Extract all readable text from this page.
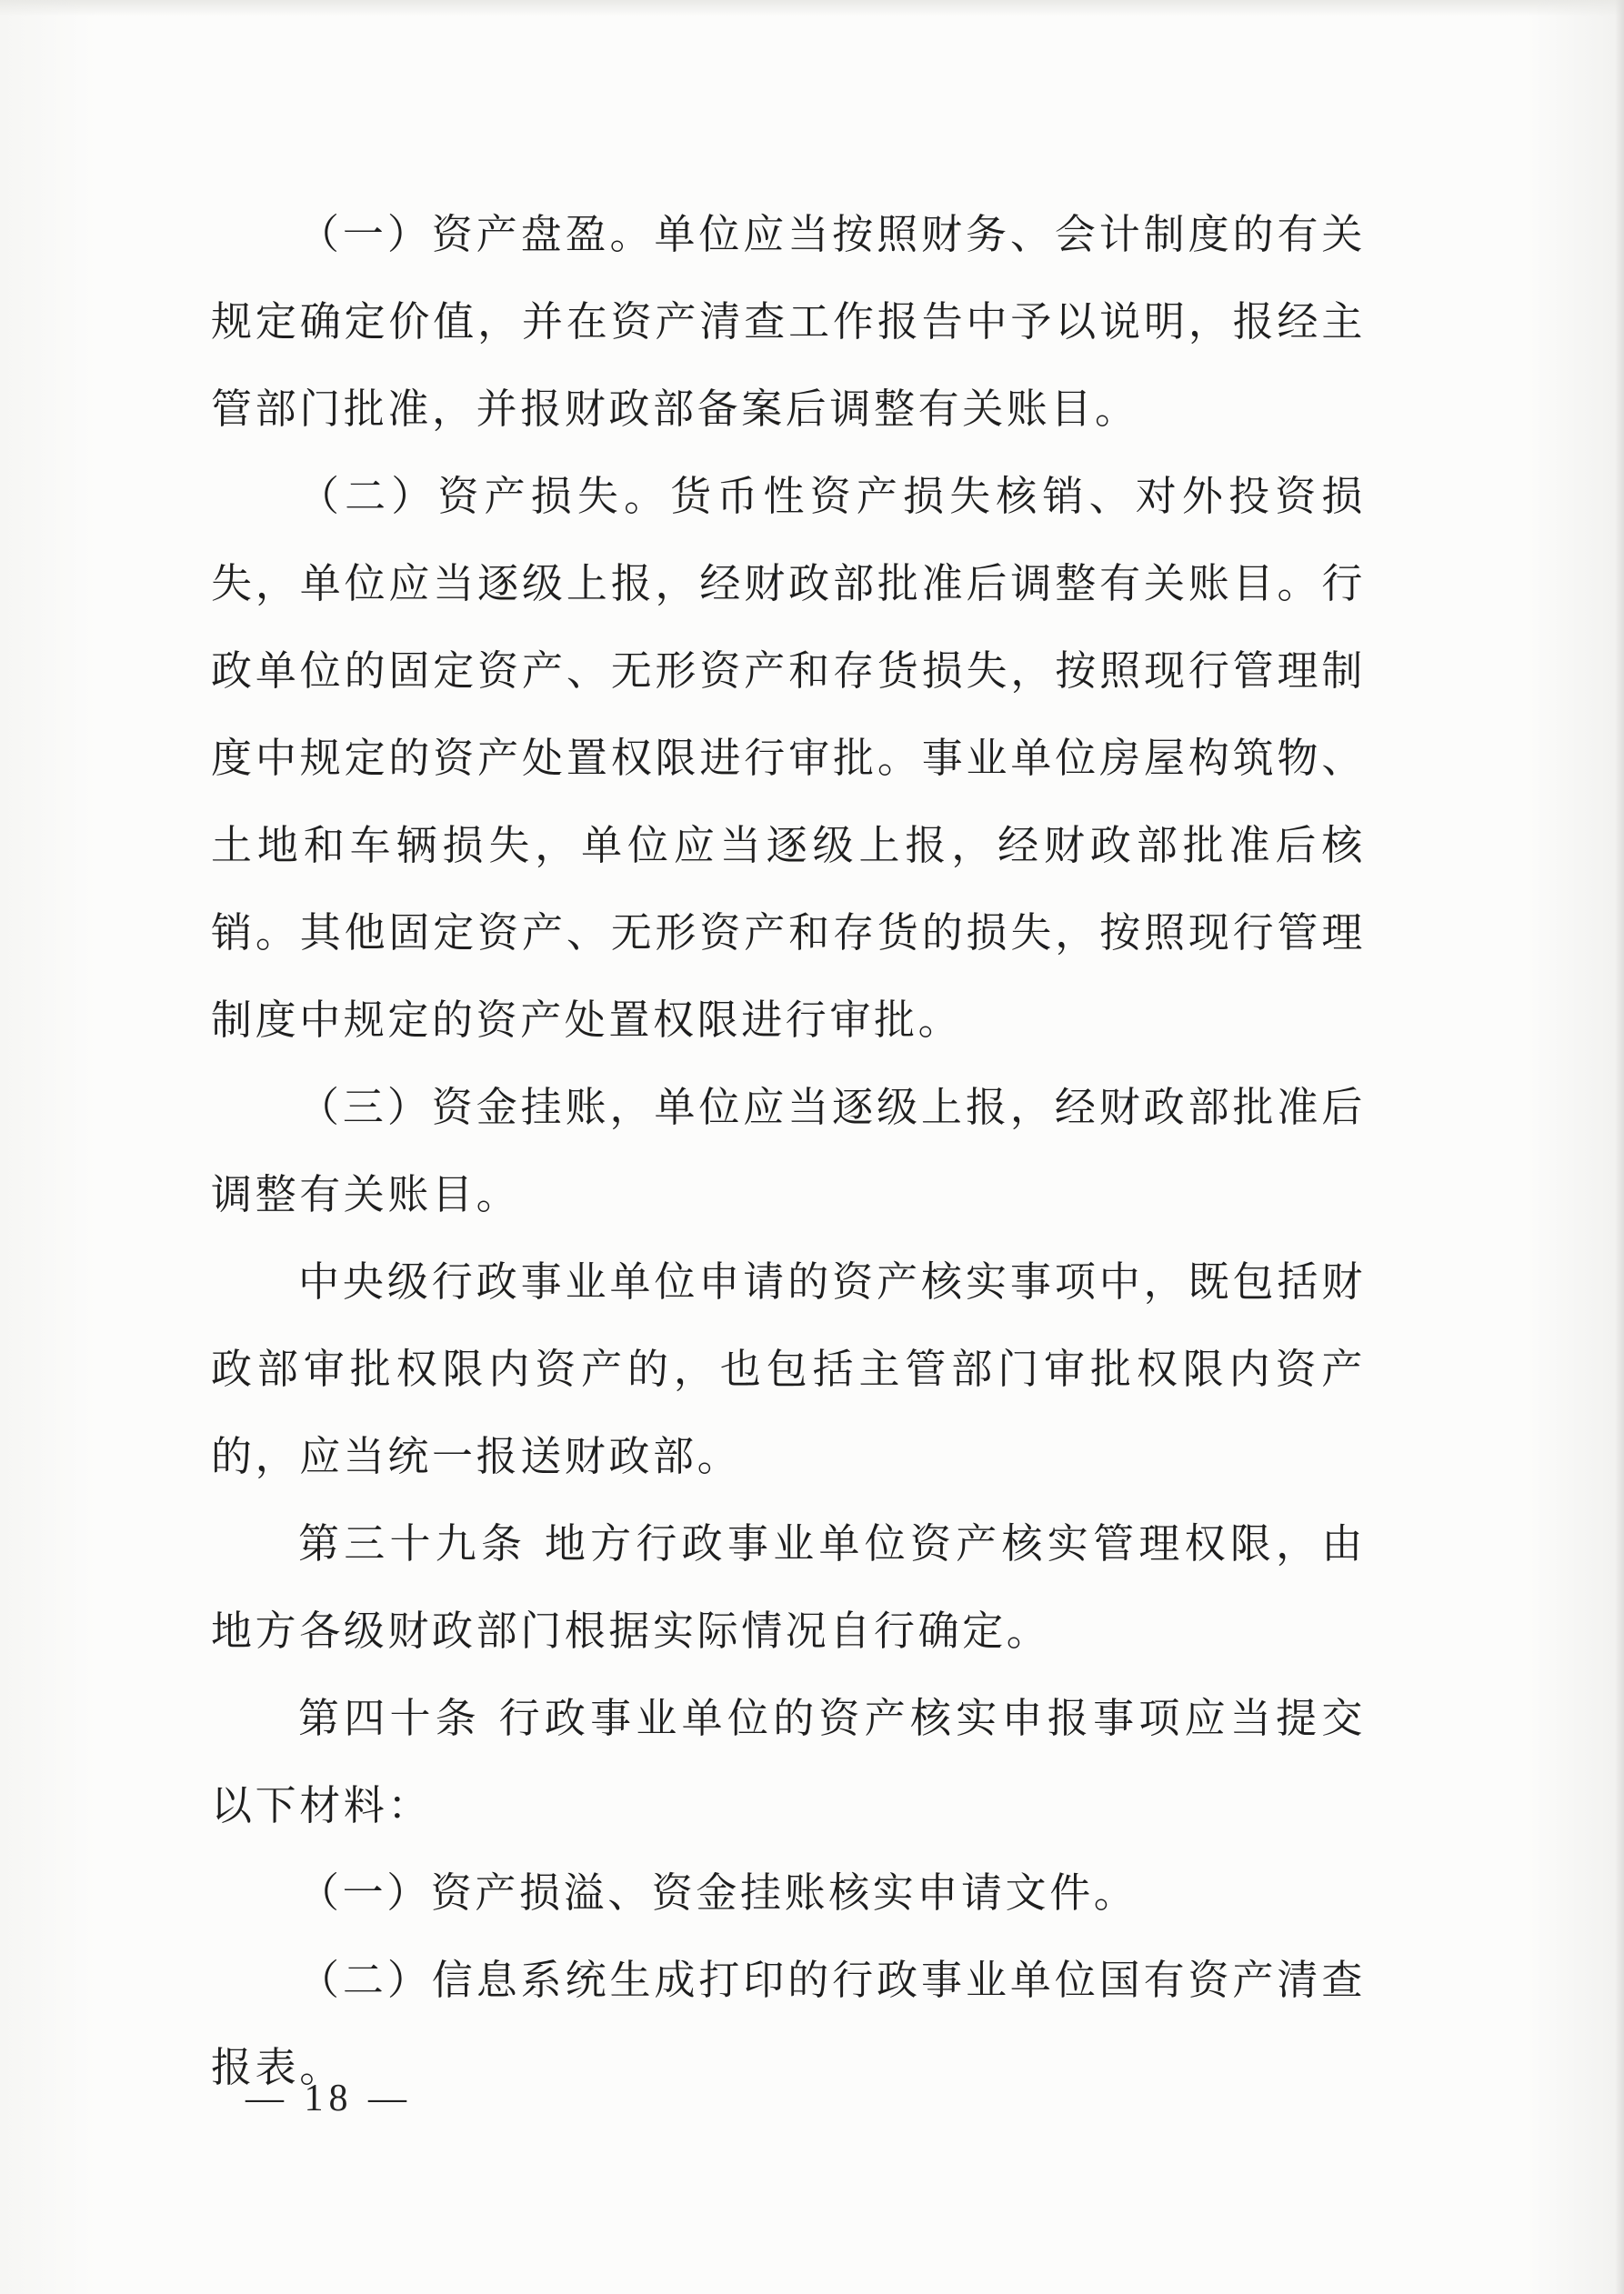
（一）资产盘盈。单位应当按照财务、会计制度的有关规定确定价值，并在资产清查工作报告中予以说明，报经主管部门批准，并报财政部备案后调整有关账目。

（二）资产损失。货币性资产损失核销、对外投资损失，单位应当逐级上报，经财政部批准后调整有关账目。行政单位的固定资产、无形资产和存货损失，按照现行管理制度中规定的资产处置权限进行审批。事业单位房屋构筑物、土地和车辆损失，单位应当逐级上报，经财政部批准后核销。其他固定资产、无形资产和存货的损失，按照现行管理制度中规定的资产处置权限进行审批。

（三）资金挂账，单位应当逐级上报，经财政部批准后调整有关账目。

中央级行政事业单位申请的资产核实事项中，既包括财政部审批权限内资产的，也包括主管部门审批权限内资产的，应当统一报送财政部。

第三十九条 地方行政事业单位资产核实管理权限，由地方各级财政部门根据实际情况自行确定。

第四十条 行政事业单位的资产核实申报事项应当提交以下材料：

（一）资产损溢、资金挂账核实申请文件。

（二）信息系统生成打印的行政事业单位国有资产清查报表。

— 18 —
